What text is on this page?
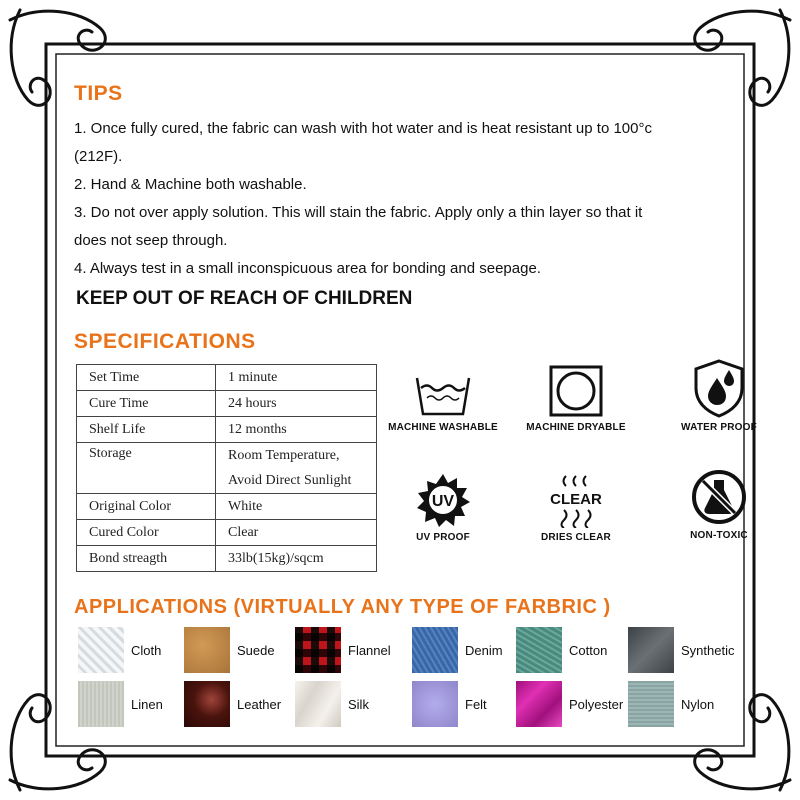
TIPS
1. Once fully cured, the fabric can wash with hot water and is heat resistant up to 100°c
(212F).
2. Hand & Machine both washable.
3. Do not over apply solution. This will stain the fabric. Apply only a thin layer so that it
does not seep through.
4. Always test in a small inconspicuous area for bonding and seepage.
KEEP OUT OF REACH OF CHILDREN
SPECIFICATIONS
Set Time	1 minute
Cure Time	24 hours
Shelf Life	12 months
Storage	Room Temperature,
Avoid Direct Sunlight

Original Color	White
Cured Color	Clear
Bond streagth	33lb(15kg)/sqcm
MACHINE WASHABLE	MACHINE DRYABLE	WATER PROOF
UV
UV PROOF
CLEAR
DRIES CLEAR	NON-TOXIC
APPLICATIONS (VIRTUALLY ANY TYPE OF FARBRIC )
Cloth	Suede	Flannel	Denim	Cotton	Synthetic
Linen	Leather	Silk	Felt	Polyester	Nylon
